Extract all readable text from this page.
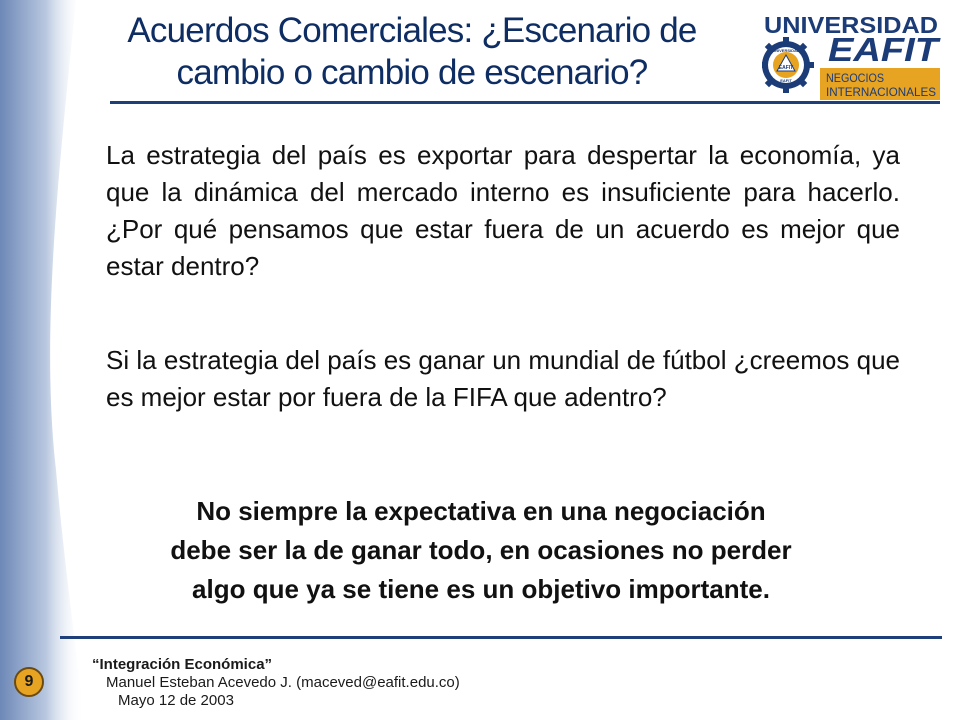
Acuerdos Comerciales: ¿Escenario de
cambio o cambio de escenario?	EAFIT
UNIVERSIDAD
EAFIT
UNIVERSIDAD
EAFIT
NEGOCIOS
INTERNACIONALES
La estrategia del país es exportar para despertar la economía, ya que la dinámica del mercado interno es insuficiente para hacerlo. ¿Por qué pensamos que estar fuera de un acuerdo es mejor que estar dentro?
Si la estrategia del país es ganar un mundial de fútbol ¿creemos que es mejor estar por fuera de la FIFA que adentro?
No siempre la expectativa en una negociación
debe ser la de ganar todo, en ocasiones no perder
algo que ya se tiene es un objetivo importante.
9
“Integración Económica”
Manuel Esteban Acevedo J. (maceved@eafit.edu.co)
Mayo 12 de 2003
